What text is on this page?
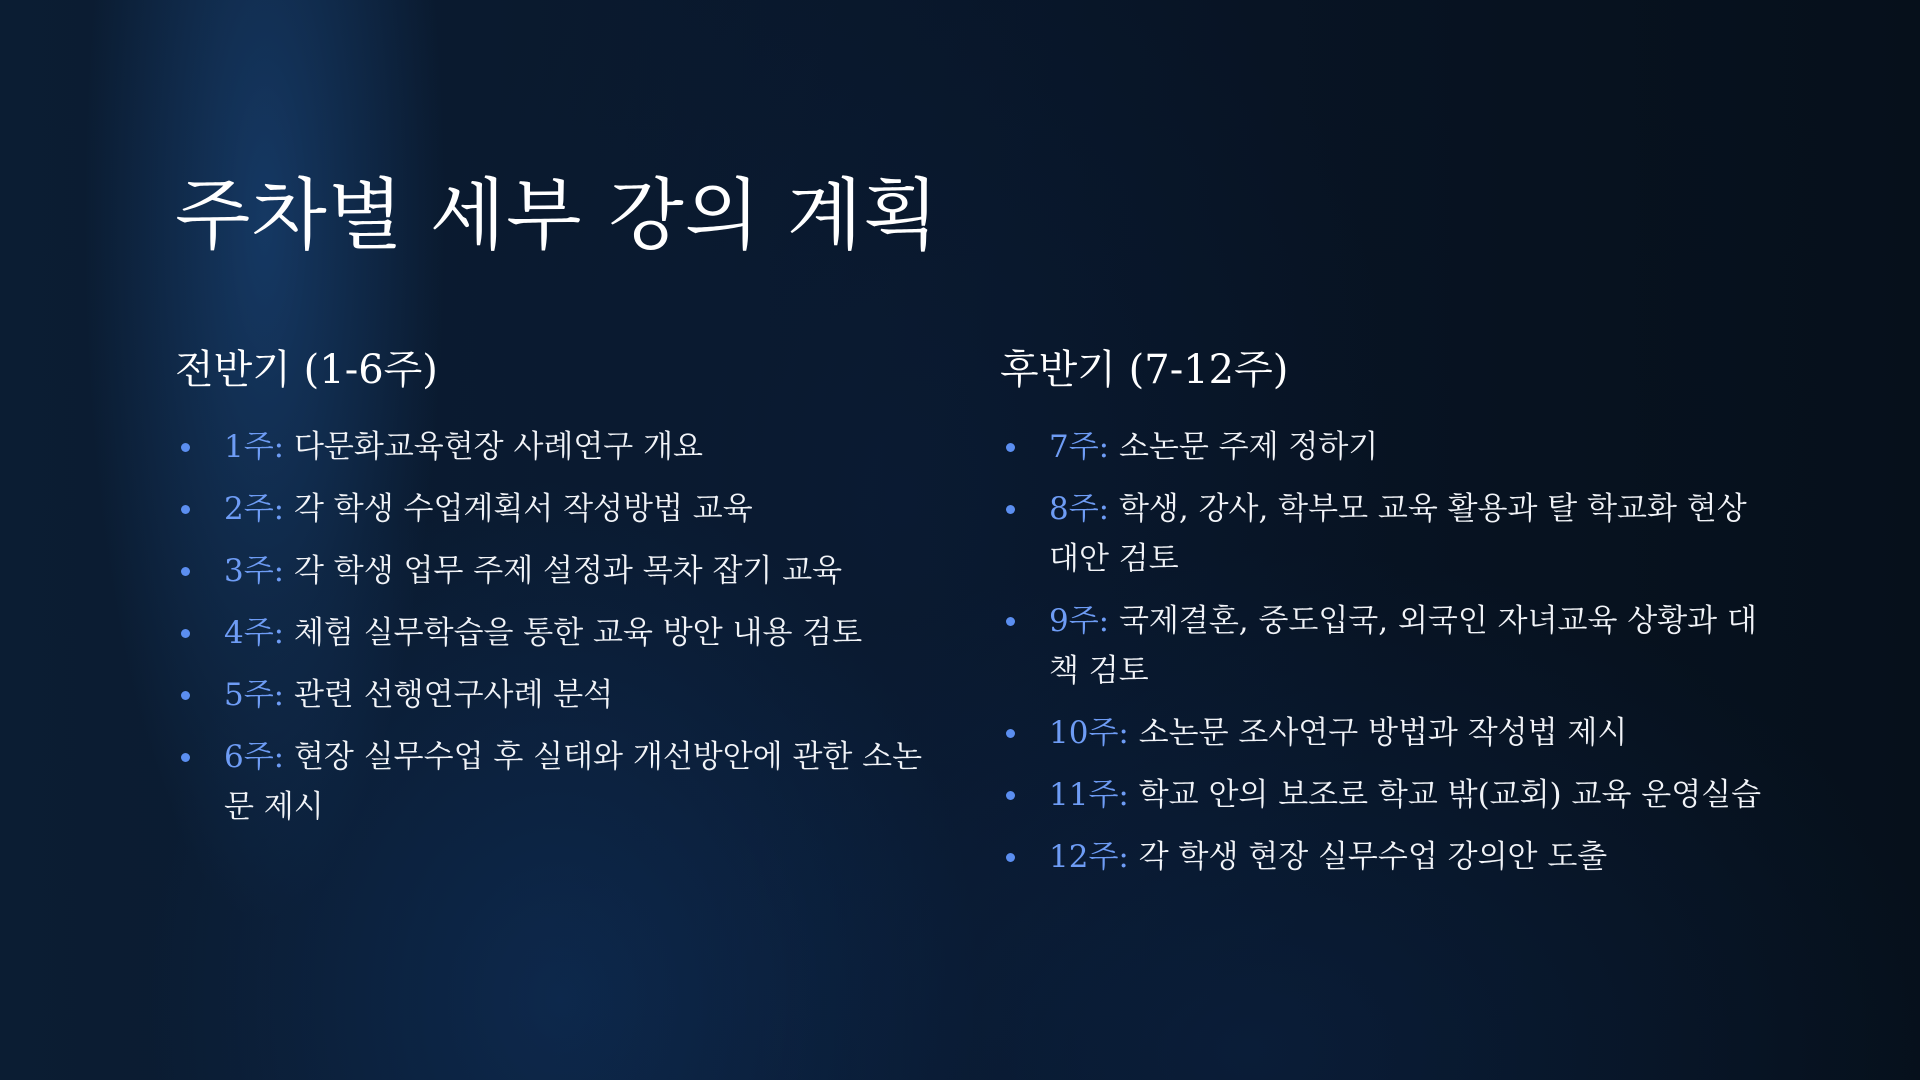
주차별 세부 강의 계획
전반기 (1-6주)
1주: 다문화교육현장 사례연구 개요
2주: 각 학생 수업계획서 작성방법 교육
3주: 각 학생 업무 주제 설정과 목차 잡기 교육
4주: 체험 실무학습을 통한 교육 방안 내용 검토
5주: 관련 선행연구사례 분석
6주: 현장 실무수업 후 실태와 개선방안에 관한 소논문 제시
후반기 (7-12주)
7주: 소논문 주제 정하기
8주: 학생, 강사, 학부모 교육 활용과 탈 학교화 현상 대안 검토
9주: 국제결혼, 중도입국, 외국인 자녀교육 상황과 대책 검토
10주: 소논문 조사연구 방법과 작성법 제시
11주: 학교 안의 보조로 학교 밖(교회) 교육 운영실습
12주: 각 학생 현장 실무수업 강의안 도출
